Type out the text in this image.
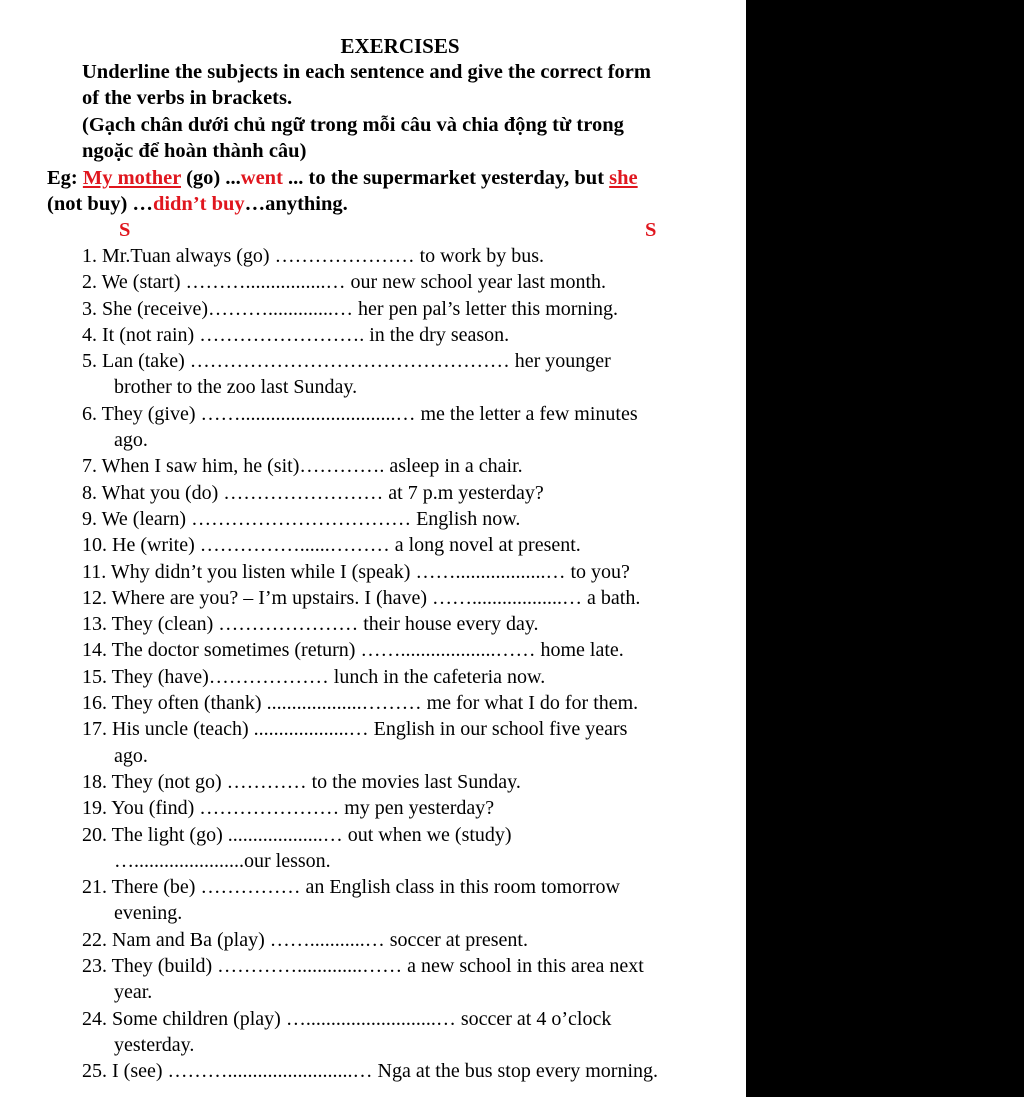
EXERCISES
Underline the subjects in each sentence and give the correct form
of the verbs in brackets.
(Gạch chân dưới chủ ngữ trong mỗi câu và chia động từ trong
ngoặc để hoàn thành câu)
Eg: My mother (go) ...went ... to the supermarket yesterday, but she
(not buy) …didn’t buy…anything.
S	S
1. Mr.Tuan always (go) ………………… to work by bus.
2. We (start) ………................… our new school year last month.
3. She (receive)……….............… her pen pal’s letter this morning.
4. It (not rain) ……………………. in the dry season.
5. Lan (take) ………………………………………… her younger
brother to the zoo last Sunday.
6. They (give) ……...............................… me the letter a few minutes
ago.
7. When I saw him, he (sit)…………. asleep in a chair.
8. What you (do) …………………… at 7 p.m yesterday?
9. We (learn) …………………………… English now.
10. He (write) ……………......……… a long novel at present.
11. Why didn’t you listen while I (speak) ……..................… to you?
12. Where are you? – I’m upstairs. I (have) ……..................… a bath.
13. They (clean) ………………… their house every day.
14. The doctor sometimes (return) ……...................…… home late.
15. They (have)……………… lunch in the cafeteria now.
16. They often (thank) ...................……… me for what I do for them.
17. His uncle (teach) ...................… English in our school five years
ago.
18. They (not go) ………… to the movies last Sunday.
19. You (find) ………………… my pen yesterday?
20. The light (go) ...................… out when we (study)
…......................our lesson.
21. There (be) …………… an English class in this room tomorrow
evening.
22. Nam and Ba (play) ……...........… soccer at present.
23. They (build) ………….............…… a new school in this area next
year.
24. Some children (play) …..........................… soccer at 4 o’clock
yesterday.
25. I (see) ……….........................… Nga at the bus stop every morning.
